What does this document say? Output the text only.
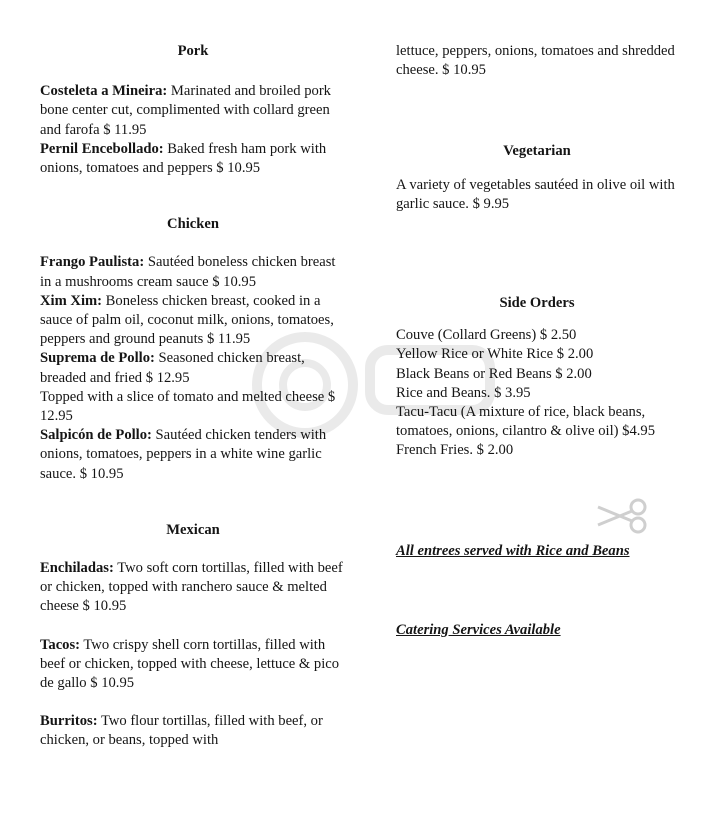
Pork

Costeleta a Mineira: Marinated and broiled pork bone center cut, complimented with collard green and farofa $ 11.95

Pernil Encebollado: Baked fresh ham pork with onions, tomatoes and peppers $ 10.95

Chicken

Frango Paulista: Sautéed boneless chicken breast in a mushrooms cream sauce $ 10.95

Xim Xim: Boneless chicken breast, cooked in a sauce of palm oil, coconut milk, onions, tomatoes, peppers and ground peanuts $ 11.95

Suprema de Pollo: Seasoned chicken breast, breaded and fried $ 12.95

Topped with a slice of tomato and melted cheese $ 12.95

Salpicón de Pollo: Sautéed chicken tenders with onions, tomatoes, peppers in a white wine garlic sauce. $ 10.95

Mexican

Enchiladas: Two soft corn tortillas, filled with beef or chicken, topped with ranchero sauce & melted cheese $ 10.95

Tacos: Two crispy shell corn tortillas, filled with beef or chicken, topped with cheese, lettuce & pico de gallo $ 10.95

Burritos: Two flour tortillas, filled with beef, or chicken, or beans, topped with

lettuce, peppers, onions, tomatoes and shredded cheese. $ 10.95

Vegetarian

A variety of vegetables sautéed in olive oil with garlic sauce. $ 9.95

Side Orders

Couve (Collard Greens) $ 2.50

Yellow Rice or White Rice $ 2.00

Black Beans or Red Beans $ 2.00

Rice and Beans. $ 3.95

Tacu-Tacu (A mixture of rice, black beans, tomatoes, onions, cilantro & olive oil) $4.95

French Fries. $ 2.00

All entrees served with Rice and Beans

Catering Services Available
